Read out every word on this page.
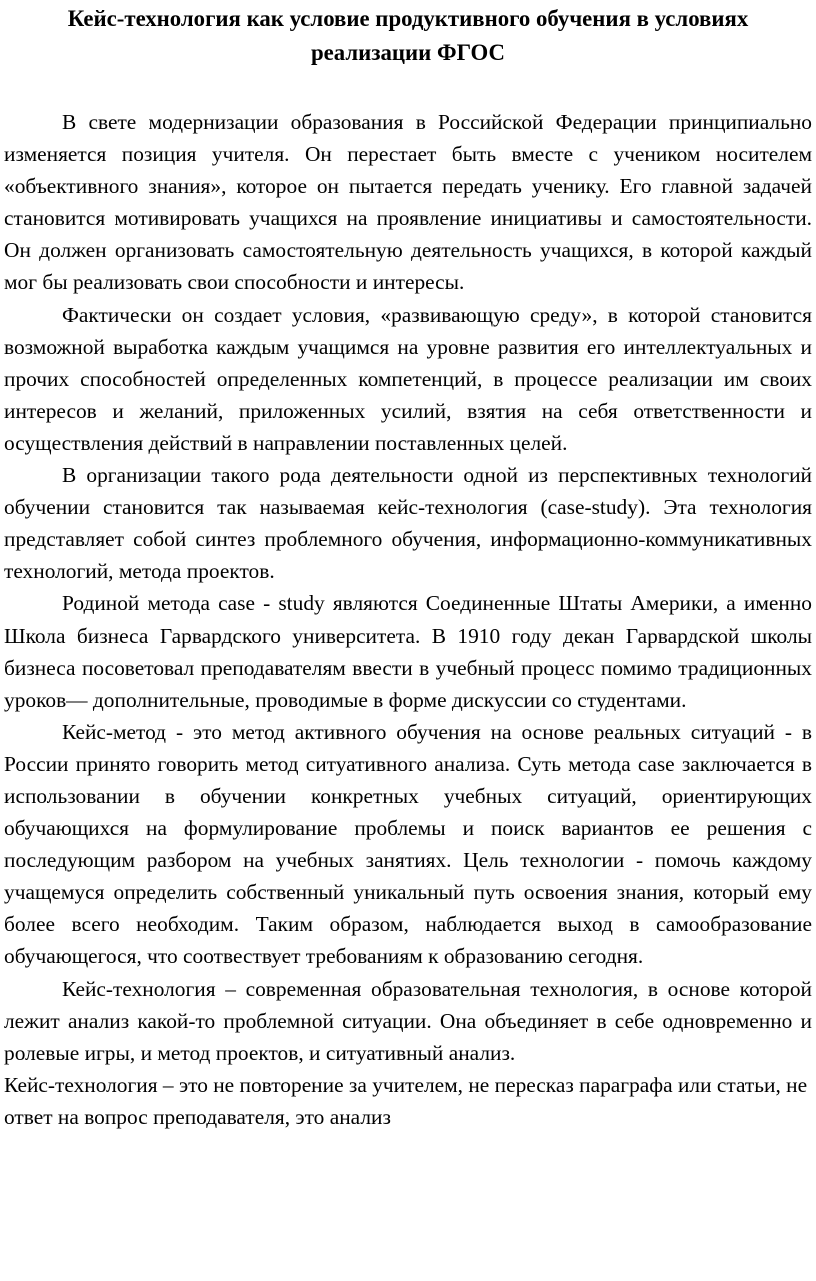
Кейс-технология как условие продуктивного обучения в условиях реализации ФГОС

В свете модернизации образования в Российской Федерации принципиально изменяется позиция учителя. Он перестает быть вместе с учеником носителем «объективного знания», которое он пытается передать ученику. Его главной задачей становится мотивировать учащихся на проявление инициативы и самостоятельности. Он должен организовать самостоятельную деятельность учащихся, в которой каждый мог бы реализовать свои способности и интересы.

Фактически он создает условия, «развивающую среду», в которой становится возможной выработка каждым учащимся на уровне развития его интеллектуальных и прочих способностей определенных компетенций, в процессе реализации им своих интересов и желаний, приложенных усилий, взятия на себя ответственности и осуществления действий в направлении поставленных целей.

В организации такого рода деятельности одной из перспективных технологий обучении становится так называемая кейс-технология (case-study). Эта технология представляет собой синтез проблемного обучения, информационно-коммуникативных технологий, метода проектов.

Родиной метода case - study являются Соединенные Штаты Америки, а именно Школа бизнеса Гарвардского университета. В 1910 году декан Гарвардской школы бизнеса посоветовал преподавателям ввести в учебный процесс помимо традиционных уроков— дополнительные, проводимые в форме дискуссии со студентами.

Кейс-метод - это метод активного обучения на основе реальных ситуаций - в России принято говорить метод ситуативного анализа. Суть метода case заключается в использовании в обучении конкретных учебных ситуаций, ориентирующих обучающихся на формулирование проблемы и поиск вариантов ее решения с последующим разбором на учебных занятиях. Цель технологии - помочь каждому учащемуся определить собственный уникальный путь освоения знания, который ему более всего необходим. Таким образом, наблюдается выход в самообразование обучающегося, что соотвествует требованиям к образованию сегодня.

Кейс-технология – современная образовательная технология, в основе которой лежит анализ какой-то проблемной ситуации. Она объединяет в себе одновременно и ролевые игры, и метод проектов, и ситуативный анализ.

Кейс-технология – это не повторение за учителем, не пересказ параграфа или статьи, не ответ на вопрос преподавателя, это анализ
